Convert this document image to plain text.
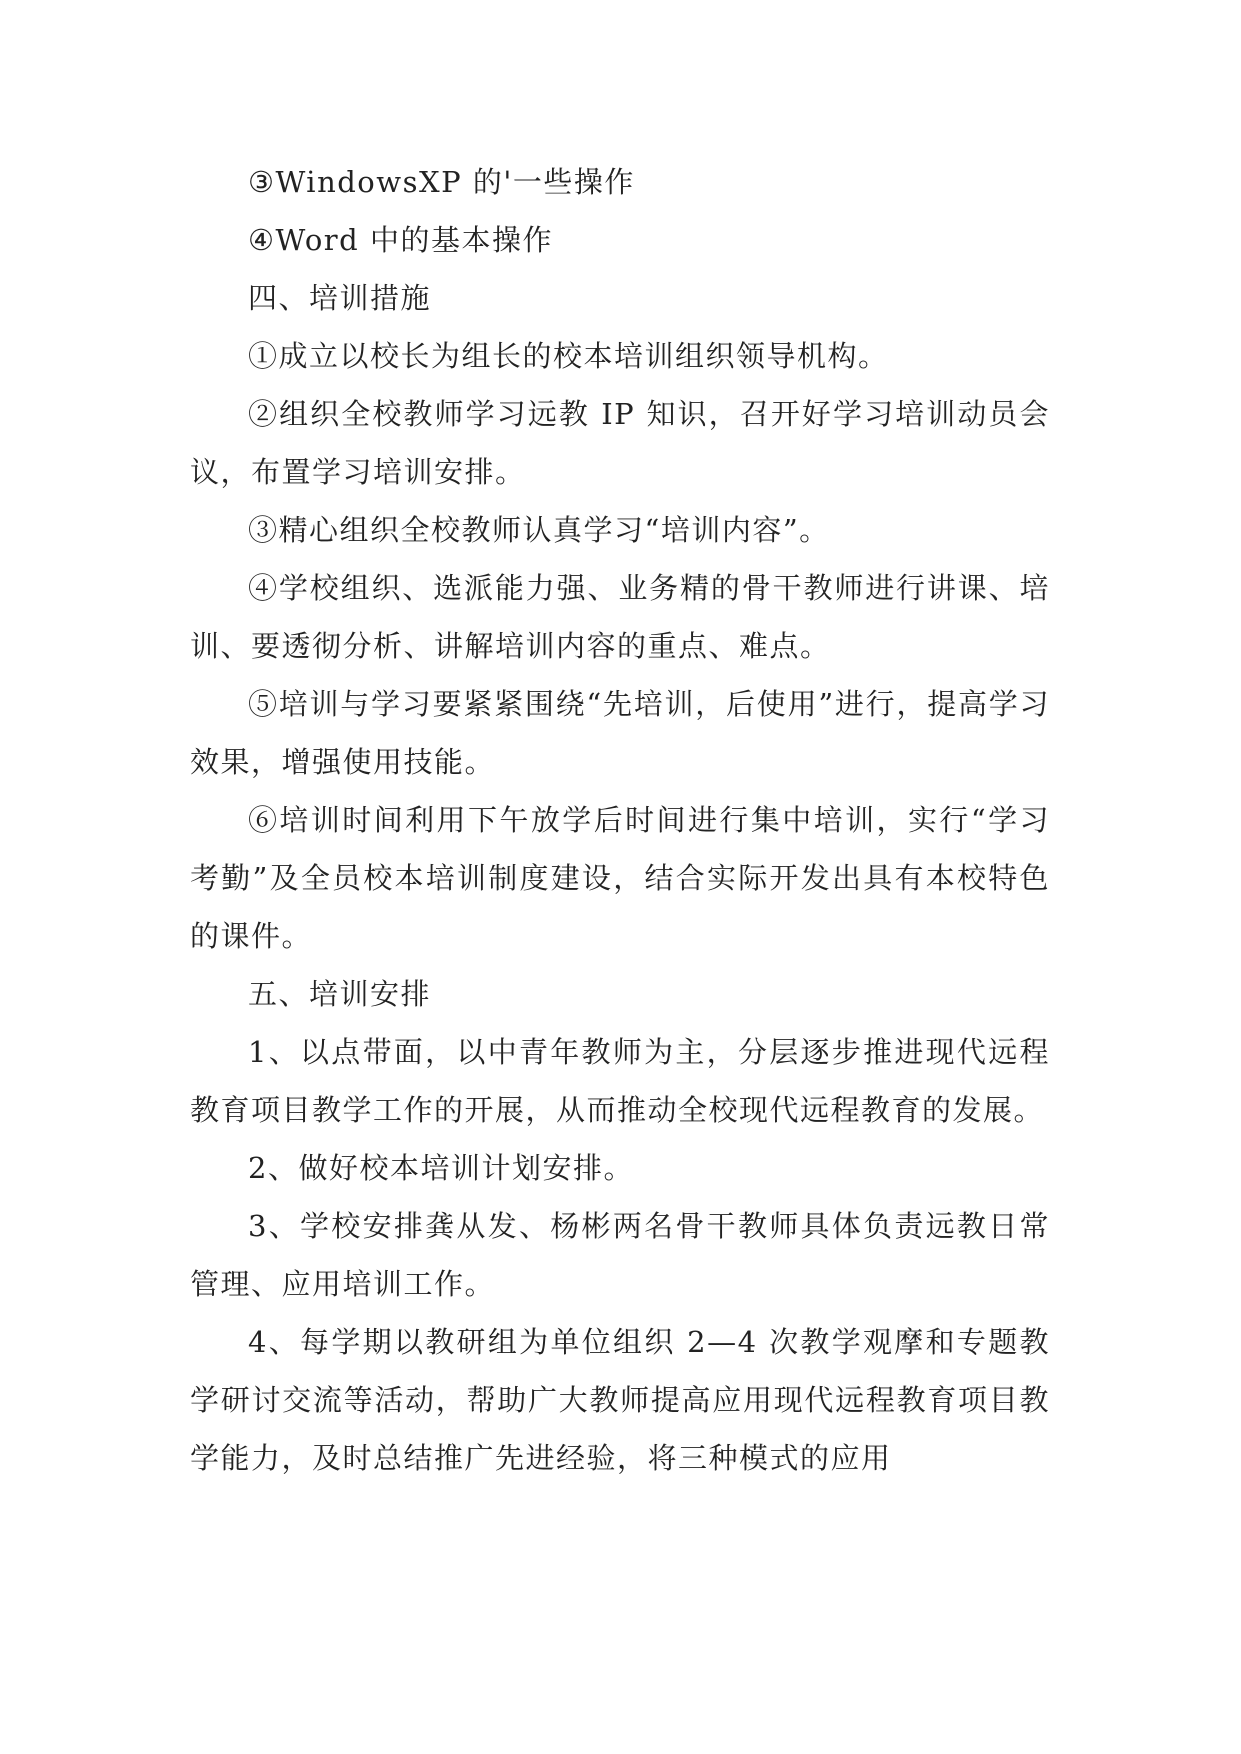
③WindowsXP 的'一些操作

④Word 中的基本操作

四、培训措施

①成立以校长为组长的校本培训组织领导机构。

②组织全校教师学习远教 IP 知识，召开好学习培训动员会议，布置学习培训安排。

③精心组织全校教师认真学习“培训内容”。

④学校组织、选派能力强、业务精的骨干教师进行讲课、培训、要透彻分析、讲解培训内容的重点、难点。

⑤培训与学习要紧紧围绕“先培训，后使用”进行，提高学习效果，增强使用技能。

⑥培训时间利用下午放学后时间进行集中培训，实行“学习考勤”及全员校本培训制度建设，结合实际开发出具有本校特色的课件。

五、培训安排

1、以点带面，以中青年教师为主，分层逐步推进现代远程教育项目教学工作的开展，从而推动全校现代远程教育的发展。

2、做好校本培训计划安排。

3、学校安排龚从发、杨彬两名骨干教师具体负责远教日常管理、应用培训工作。

4、每学期以教研组为单位组织 2—4 次教学观摩和专题教学研讨交流等活动，帮助广大教师提高应用现代远程教育项目教学能力，及时总结推广先进经验，将三种模式的应用
